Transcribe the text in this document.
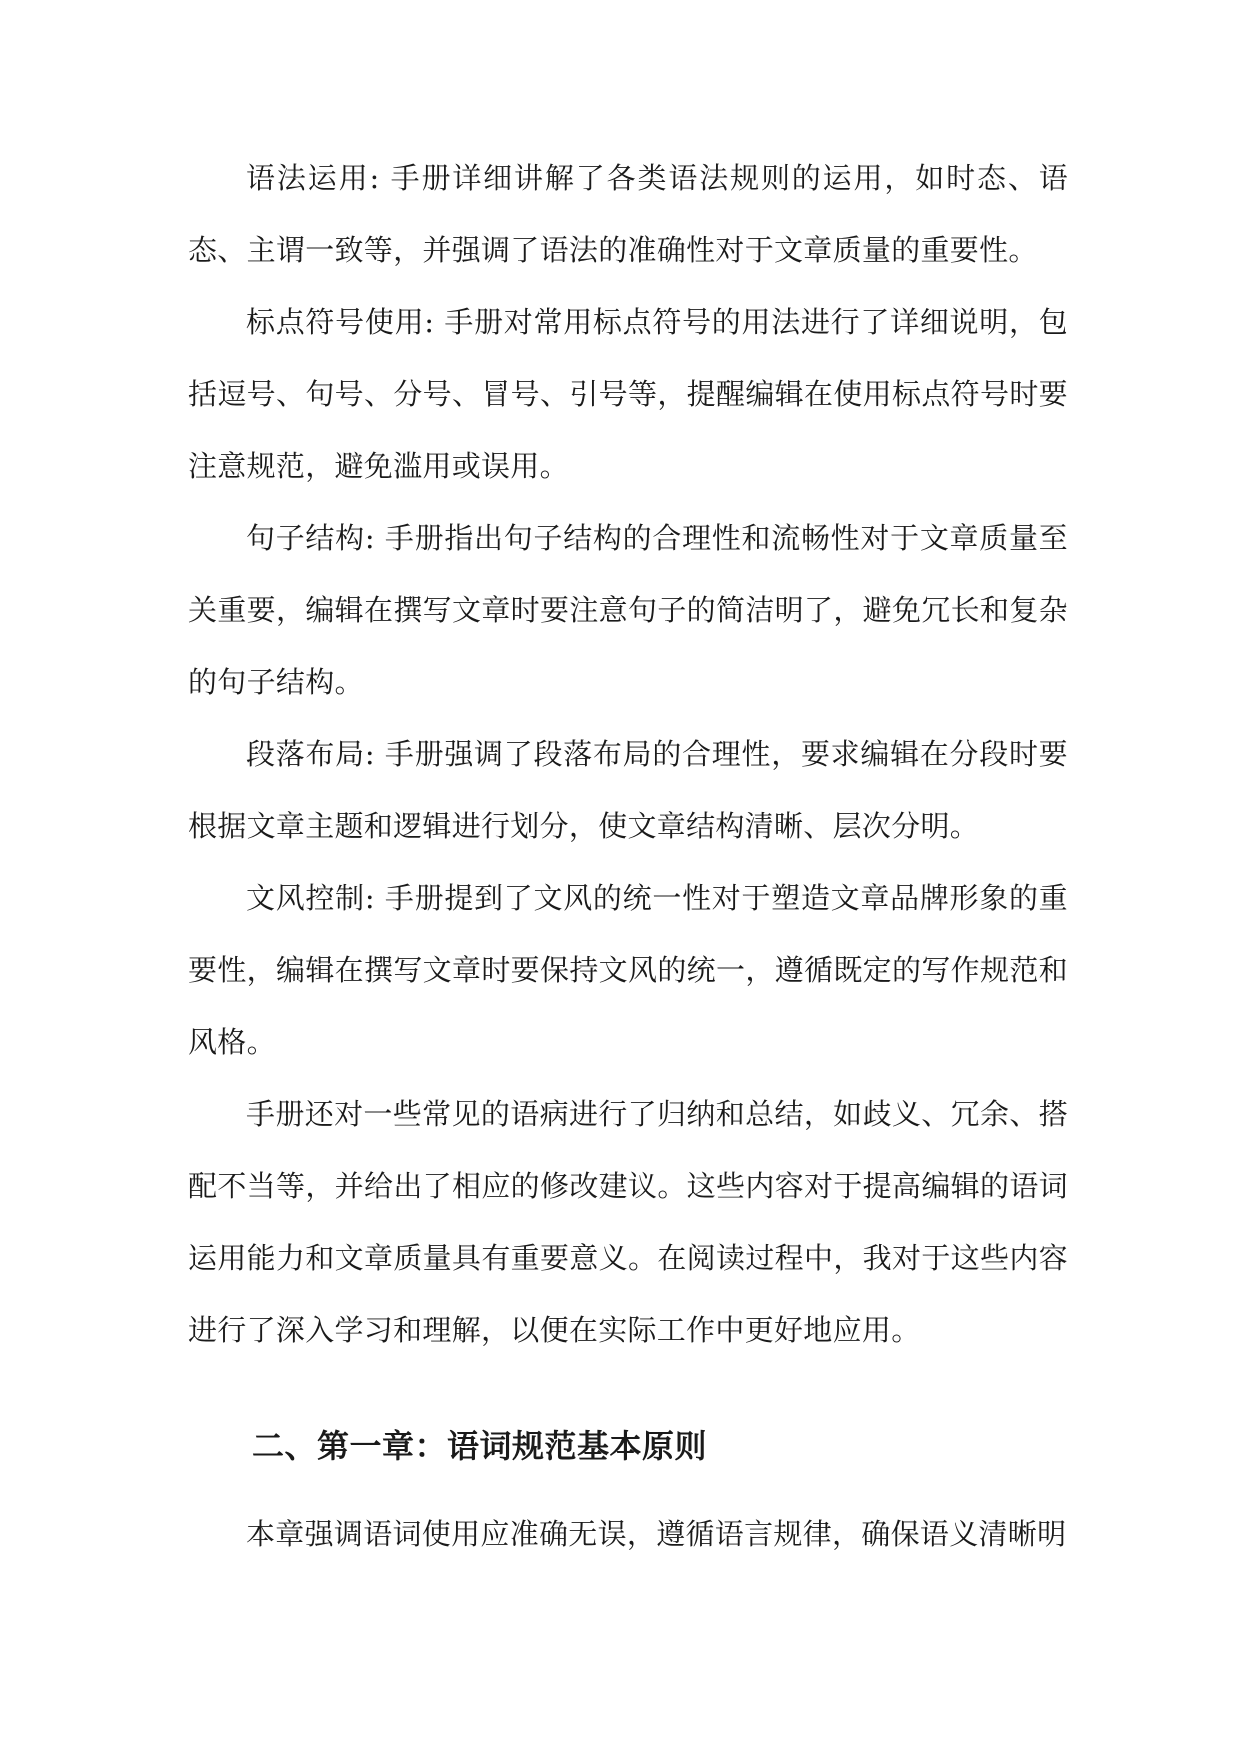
语法运用: 手册详细讲解了各类语法规则的运用，如时态、语态、主谓一致等，并强调了语法的准确性对于文章质量的重要性。

标点符号使用: 手册对常用标点符号的用法进行了详细说明，包括逗号、句号、分号、冒号、引号等，提醒编辑在使用标点符号时要注意规范，避免滥用或误用。

句子结构: 手册指出句子结构的合理性和流畅性对于文章质量至关重要，编辑在撰写文章时要注意句子的简洁明了，避免冗长和复杂的句子结构。

段落布局: 手册强调了段落布局的合理性，要求编辑在分段时要根据文章主题和逻辑进行划分，使文章结构清晰、层次分明。

文风控制: 手册提到了文风的统一性对于塑造文章品牌形象的重要性，编辑在撰写文章时要保持文风的统一，遵循既定的写作规范和风格。

手册还对一些常见的语病进行了归纳和总结，如歧义、冗余、搭配不当等，并给出了相应的修改建议。这些内容对于提高编辑的语词运用能力和文章质量具有重要意义。在阅读过程中，我对于这些内容进行了深入学习和理解，以便在实际工作中更好地应用。

二、第一章：语词规范基本原则

本章强调语词使用应准确无误，遵循语言规律，确保语义清晰明
